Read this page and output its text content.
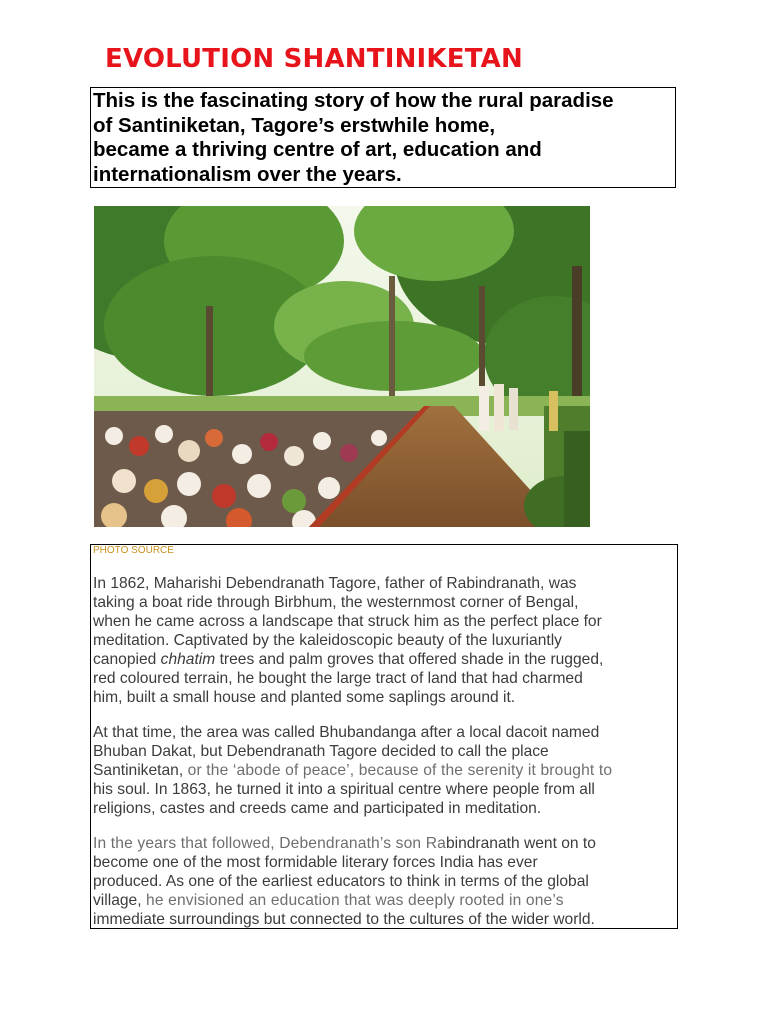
EVOLUTION SHANTINIKETAN

This is the fascinating story of how the rural paradise
of Santiniketan, Tagore’s erstwhile home,
became a thriving centre of art, education and
internationalism over the years.

PHOTO SOURCE

In 1862, Maharishi Debendranath Tagore, father of Rabindranath, was
taking a boat ride through Birbhum, the westernmost corner of Bengal,
when he came across a landscape that struck him as the perfect place for
meditation. Captivated by the kaleidoscopic beauty of the luxuriantly
canopied chhatim trees and palm groves that offered shade in the rugged,
red coloured terrain, he bought the large tract of land that had charmed
him, built a small house and planted some saplings around it.

At that time, the area was called Bhubandanga after a local dacoit named
Bhuban Dakat, but Debendranath Tagore decided to call the place
Santiniketan, or the ‘abode of peace’, because of the serenity it brought to
his soul. In 1863, he turned it into a spiritual centre where people from all
religions, castes and creeds came and participated in meditation.

In the years that followed, Debendranath’s son Rabindranath went on to
become one of the most formidable literary forces India has ever
produced. As one of the earliest educators to think in terms of the global
village, he envisioned an education that was deeply rooted in one’s
immediate surroundings but connected to the cultures of the wider world.
